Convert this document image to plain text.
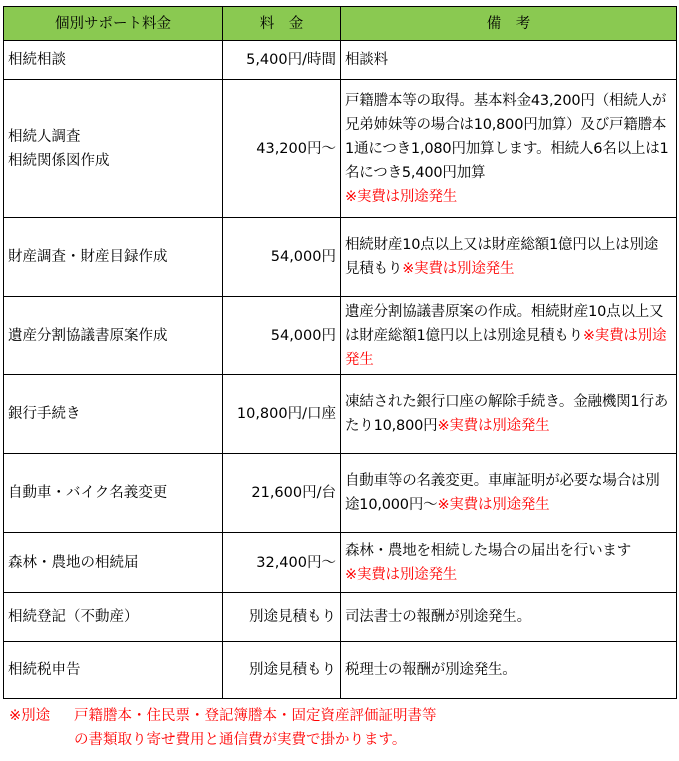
個別サポート料金	料　金	備　考
相続相談	5,400円/時間	相談料
相続人調査
相続関係図作成	43,200円～	戸籍謄本等の取得。基本料金43,200円（相続人が兄弟姉妹等の場合は10,800円加算）及び戸籍謄本1通につき1,080円加算します。相続人6名以上は1名につき5,400円加算
※実費は別途発生
財産調査・財産目録作成	54,000円	相続財産10点以上又は財産総額1億円以上は別途見積もり※実費は別途発生
遺産分割協議書原案作成	54,000円	遺産分割協議書原案の作成。相続財産10点以上又は財産総額1億円以上は別途見積もり※実費は別途発生
銀行手続き	10,800円/口座	凍結された銀行口座の解除手続き。金融機関1行あたり10,800円※実費は別途発生
自動車・バイク名義変更	21,600円/台	自動車等の名義変更。車庫証明が必要な場合は別途10,000円～※実費は別途発生
森林・農地の相続届	32,400円～	森林・農地を相続した場合の届出を行います
※実費は別途発生
相続登記（不動産）	別途見積もり	司法書士の報酬が別途発生。
相続税申告	別途見積もり	税理士の報酬が別途発生。
※別途 戸籍謄本・住民票・登記簿謄本・固定資産評価証明書等
の書類取り寄せ費用と通信費が実費で掛かります。
